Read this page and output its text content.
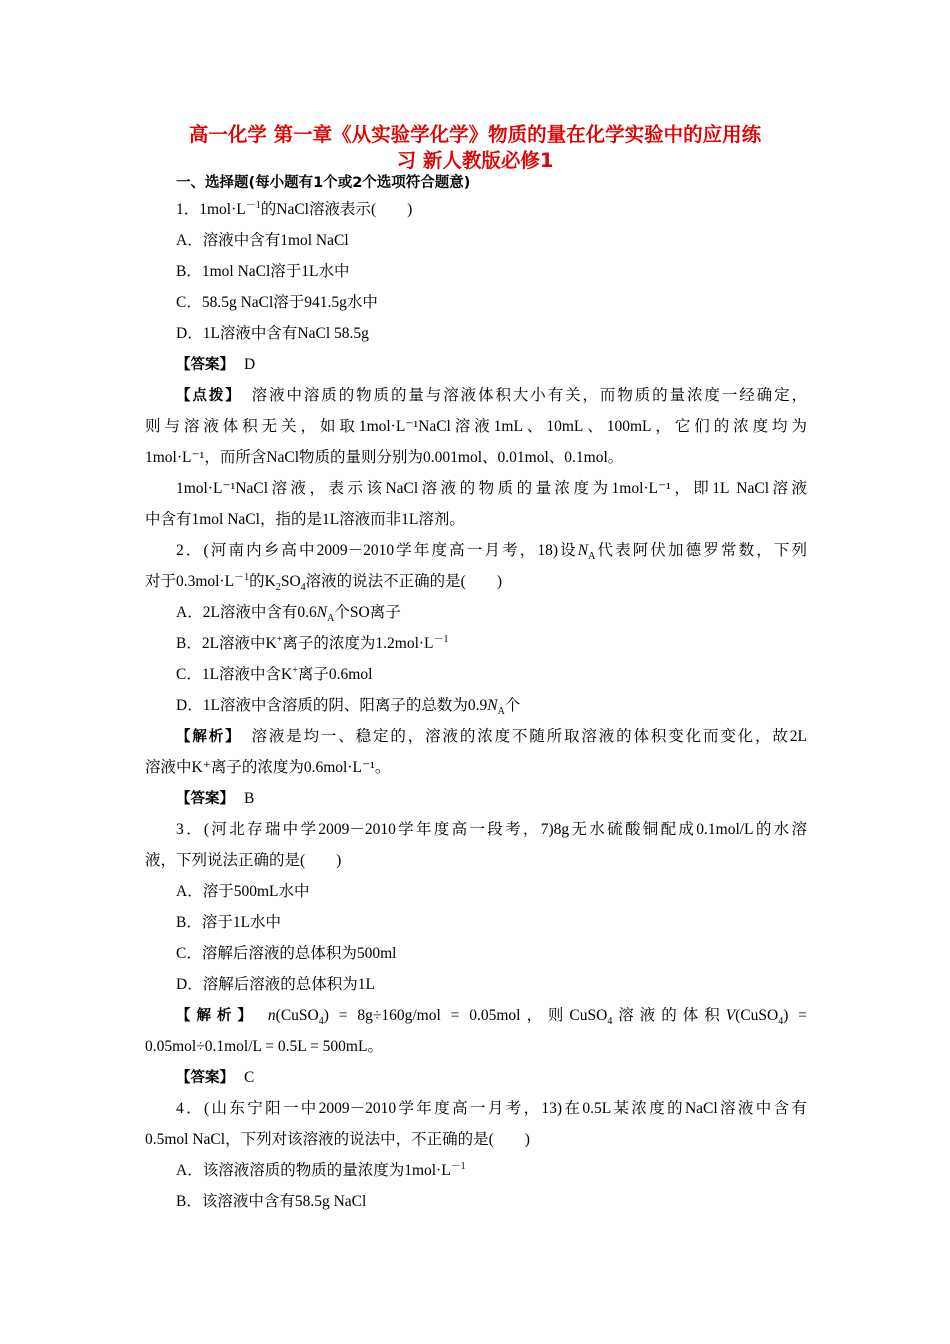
高一化学 第一章《从实验学化学》物质的量在化学实验中的应用练
习 新人教版必修1
一、选择题(每小题有1个或2个选项符合题意)
1．$1mol\cdot L^{-1}$的NaCl溶液表示(　　)
A．溶液中含有1mol NaCl
B．1mol NaCl溶于1L水中
C．58.5g NaCl溶于941.5g水中
D．1L溶液中含有NaCl 58.5g
【答案】 D
【点拨】 溶液中溶质的物质的量与溶液体积大小有关，而物质的量浓度一经确定，
则与溶液体积无关，如取1mol·L⁻¹NaCl溶液1mL、10mL、100mL，它们的浓度均为
1mol·L⁻¹，而所含NaCl物质的量则分别为0.001mol、0.01mol、0.1mol。
1mol·L⁻¹NaCl溶液，表示该NaCl溶液的物质的量浓度为1mol·L⁻¹，即1L NaCl溶液
中含有1mol NaCl，指的是1L溶液而非1L溶剂。
2．(河南内乡高中2009－2010学年度高一月考，18)设$N_A$代表阿伏加德罗常数，下列
对于$0.3mol\cdot L^{-1}$的$K_2SO_4$溶液的说法不正确的是(　　)
A．2L溶液中含有$0.6N_A$个SO离子
B．2L溶液中K+离子的浓度为$1.2mol\cdot L^{-1}$
C．1L溶液中含K+离子0.6mol
D．1L溶液中含溶质的阴、阳离子的总数为$0.9N_A$个
【解析】 溶液是均一、稳定的，溶液的浓度不随所取溶液的体积变化而变化，故2L
溶液中K⁺离子的浓度为0.6mol·L⁻¹。
【答案】 B
3．(河北存瑞中学2009－2010学年度高一段考，7)8g无水硫酸铜配成0.1mol/L的水溶
液，下列说法正确的是(　　)
A．溶于500mL水中
B．溶于1L水中
C．溶解后溶液的总体积为500ml
D．溶解后溶液的总体积为1L
【解析】 n(CuSO$_4$) = 8g÷160g/mol = 0.05mol，则CuSO$_4$溶液的体积V(CuSO$_4$) =
0.05mol÷0.1mol/L = 0.5L = 500mL。
【答案】 C
4．(山东宁阳一中2009－2010学年度高一月考，13)在0.5L某浓度的NaCl溶液中含有
0.5mol NaCl，下列对该溶液的说法中，不正确的是(　　)
A．该溶液溶质的物质的量浓度为$1mol\cdot L^{-1}$
B．该溶液中含有58.5g NaCl
